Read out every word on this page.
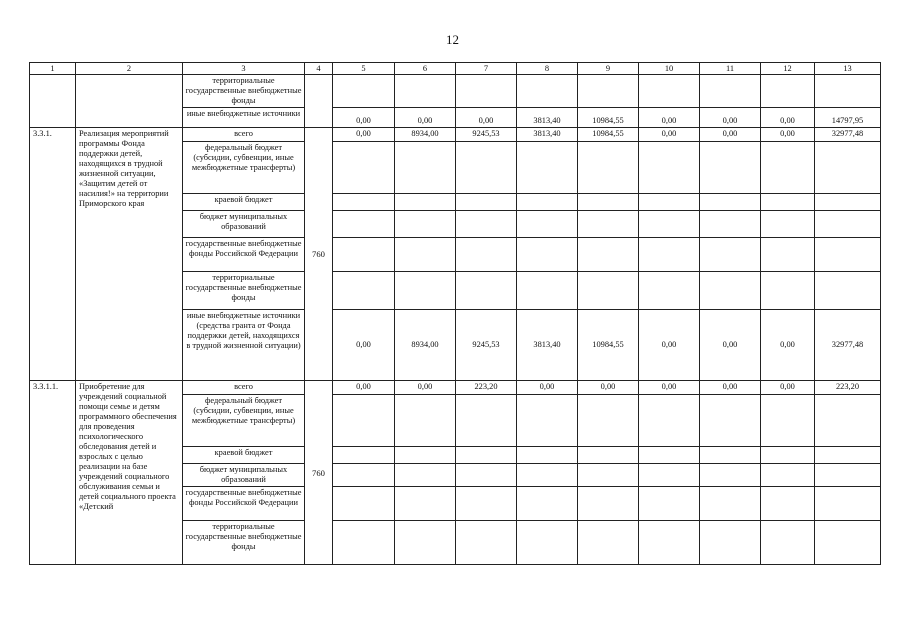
12
1	2	3	4	5	6	7	8	9	10	11	12	13
		территориальные государственные внебюджетные фонды										
		иные внебюджетные источники		0,00	0,00	0,00	3813,40	10984,55	0,00	0,00	0,00	14797,95
3.3.1.	Реализация мероприятий программы Фонда поддержки детей, находящихся в трудной жизненной ситуации, «Защитим детей от насилия!» на территории Приморского края	всего	760	0,00	8934,00	9245,53	3813,40	10984,55	0,00	0,00	0,00	32977,48
		федеральный бюджет (субсидии, субвенции, иные межбюджетные трансферты)										
		краевой бюджет										
		бюджет муниципальных образований										
		государственные внебюджетные фонды Российской Федерации										
		территориальные государственные внебюджетные фонды										
		иные внебюджетные источники (средства гранта от Фонда поддержки детей, находящихся в трудной жизненной ситуации)		0,00	8934,00	9245,53	3813,40	10984,55	0,00	0,00	0,00	32977,48
3.3.1.1.	Приобретение для учреждений социальной помощи семье и детям программного обеспечения для проведения психологического обследования детей и взрослых с целью реализации на базе учреждений социального обслуживания семьи и детей социального проекта «Детский	всего	760	0,00	0,00	223,20	0,00	0,00	0,00	0,00	0,00	223,20
		федеральный бюджет (субсидии, субвенции, иные межбюджетные трансферты)										
		краевой бюджет										
		бюджет муниципальных образований										
		государственные внебюджетные фонды Российской Федерации										
		территориальные государственные внебюджетные фонды										
